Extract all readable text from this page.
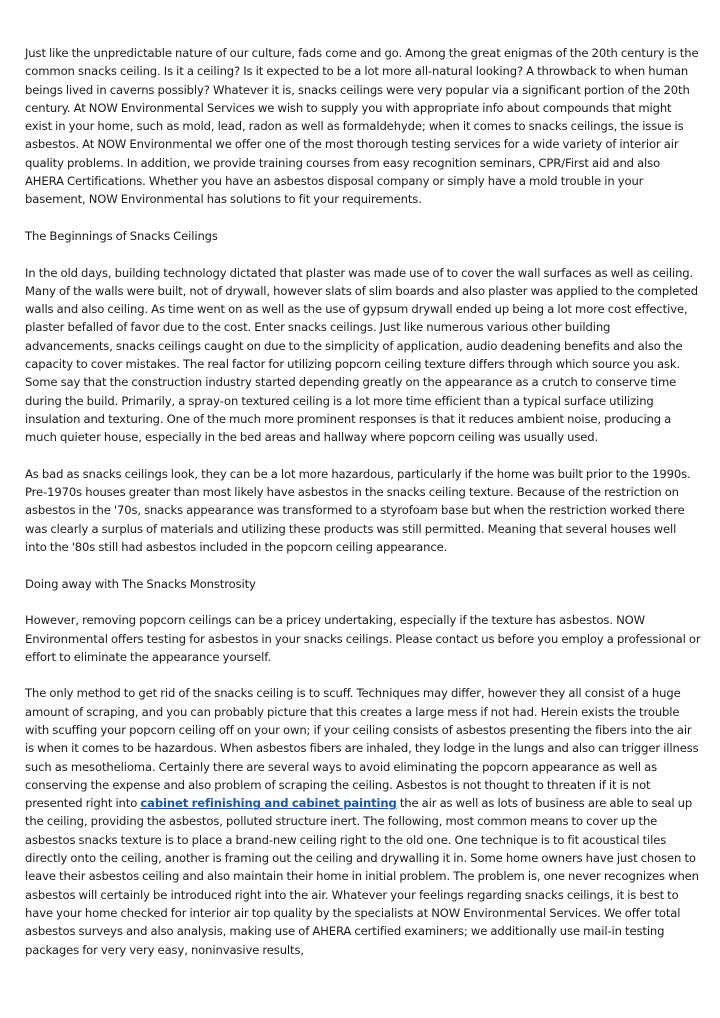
Just like the unpredictable nature of our culture, fads come and go. Among the great enigmas of the 20th century is the common snacks ceiling. Is it a ceiling? Is it expected to be a lot more all-natural looking? A throwback to when human beings lived in caverns possibly? Whatever it is, snacks ceilings were very popular via a significant portion of the 20th century. At NOW Environmental Services we wish to supply you with appropriate info about compounds that might exist in your home, such as mold, lead, radon as well as formaldehyde; when it comes to snacks ceilings, the issue is asbestos. At NOW Environmental we offer one of the most thorough testing services for a wide variety of interior air quality problems. In addition, we provide training courses from easy recognition seminars, CPR/First aid and also AHERA Certifications. Whether you have an asbestos disposal company or simply have a mold trouble in your basement, NOW Environmental has solutions to fit your requirements.

The Beginnings of Snacks Ceilings

In the old days, building technology dictated that plaster was made use of to cover the wall surfaces as well as ceiling. Many of the walls were built, not of drywall, however slats of slim boards and also plaster was applied to the completed walls and also ceiling. As time went on as well as the use of gypsum drywall ended up being a lot more cost effective, plaster befalled of favor due to the cost. Enter snacks ceilings. Just like numerous various other building advancements, snacks ceilings caught on due to the simplicity of application, audio deadening benefits and also the capacity to cover mistakes. The real factor for utilizing popcorn ceiling texture differs through which source you ask. Some say that the construction industry started depending greatly on the appearance as a crutch to conserve time during the build. Primarily, a spray-on textured ceiling is a lot more time efficient than a typical surface utilizing insulation and texturing. One of the much more prominent responses is that it reduces ambient noise, producing a much quieter house, especially in the bed areas and hallway where popcorn ceiling was usually used.

As bad as snacks ceilings look, they can be a lot more hazardous, particularly if the home was built prior to the 1990s. Pre-1970s houses greater than most likely have asbestos in the snacks ceiling texture. Because of the restriction on asbestos in the '70s, snacks appearance was transformed to a styrofoam base but when the restriction worked there was clearly a surplus of materials and utilizing these products was still permitted. Meaning that several houses well into the '80s still had asbestos included in the popcorn ceiling appearance.

Doing away with The Snacks Monstrosity

However, removing popcorn ceilings can be a pricey undertaking, especially if the texture has asbestos. NOW Environmental offers testing for asbestos in your snacks ceilings. Please contact us before you employ a professional or effort to eliminate the appearance yourself.

The only method to get rid of the snacks ceiling is to scuff. Techniques may differ, however they all consist of a huge amount of scraping, and you can probably picture that this creates a large mess if not had. Herein exists the trouble with scuffing your popcorn ceiling off on your own; if your ceiling consists of asbestos presenting the fibers into the air is when it comes to be hazardous. When asbestos fibers are inhaled, they lodge in the lungs and also can trigger illness such as mesothelioma. Certainly there are several ways to avoid eliminating the popcorn appearance as well as conserving the expense and also problem of scraping the ceiling. Asbestos is not thought to threaten if it is not presented right into cabinet refinishing and cabinet painting the air as well as lots of business are able to seal up the ceiling, providing the asbestos, polluted structure inert. The following, most common means to cover up the asbestos snacks texture is to place a brand-new ceiling right to the old one. One technique is to fit acoustical tiles directly onto the ceiling, another is framing out the ceiling and drywalling it in. Some home owners have just chosen to leave their asbestos ceiling and also maintain their home in initial problem. The problem is, one never recognizes when asbestos will certainly be introduced right into the air. Whatever your feelings regarding snacks ceilings, it is best to have your home checked for interior air top quality by the specialists at NOW Environmental Services. We offer total asbestos surveys and also analysis, making use of AHERA certified examiners; we additionally use mail-in testing packages for very very easy, noninvasive results,
